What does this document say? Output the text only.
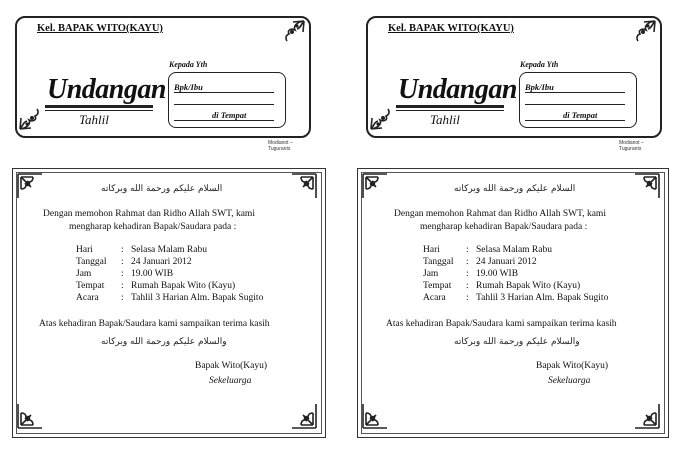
Kel. BAPAK WITO(KAYU)
Undangan
Tahlil
Kepada Yth
Bpk/Ibu
di Tempat
Modianot – Tugurants
Kel. BAPAK WITO(KAYU)
Undangan
Tahlil
Kepada Yth
Bpk/Ibu
di Tempat
Modianot – Tugurants
السلام عليكم ورحمة الله وبركاته
Dengan memohon Rahmat dan Ridho Allah SWT, kami
mengharap kehadiran Bapak/Saudara pada :
Hari	: Selasa Malam Rabu
Tanggal : 24 Januari 2012
Jam	: 19.00 WIB
Tempat : Rumah Bapak Wito (Kayu)
Acara : Tahlil 3 Harian Alm. Bapak Sugito
Atas kehadiran Bapak/Saudara kami sampaikan terima kasih
والسلام عليكم ورحمة الله وبركاته
Bapak Wito(Kayu)
Sekeluarga
السلام عليكم ورحمة الله وبركاته
Dengan memohon Rahmat dan Ridho Allah SWT, kami
mengharap kehadiran Bapak/Saudara pada :
Hari	: Selasa Malam Rabu
Tanggal : 24 Januari 2012
Jam	: 19.00 WIB
Tempat : Rumah Bapak Wito (Kayu)
Acara : Tahlil 3 Harian Alm. Bapak Sugito
Atas kehadiran Bapak/Saudara kami sampaikan terima kasih
والسلام عليكم ورحمة الله وبركاته
Bapak Wito(Kayu)
Sekeluarga
